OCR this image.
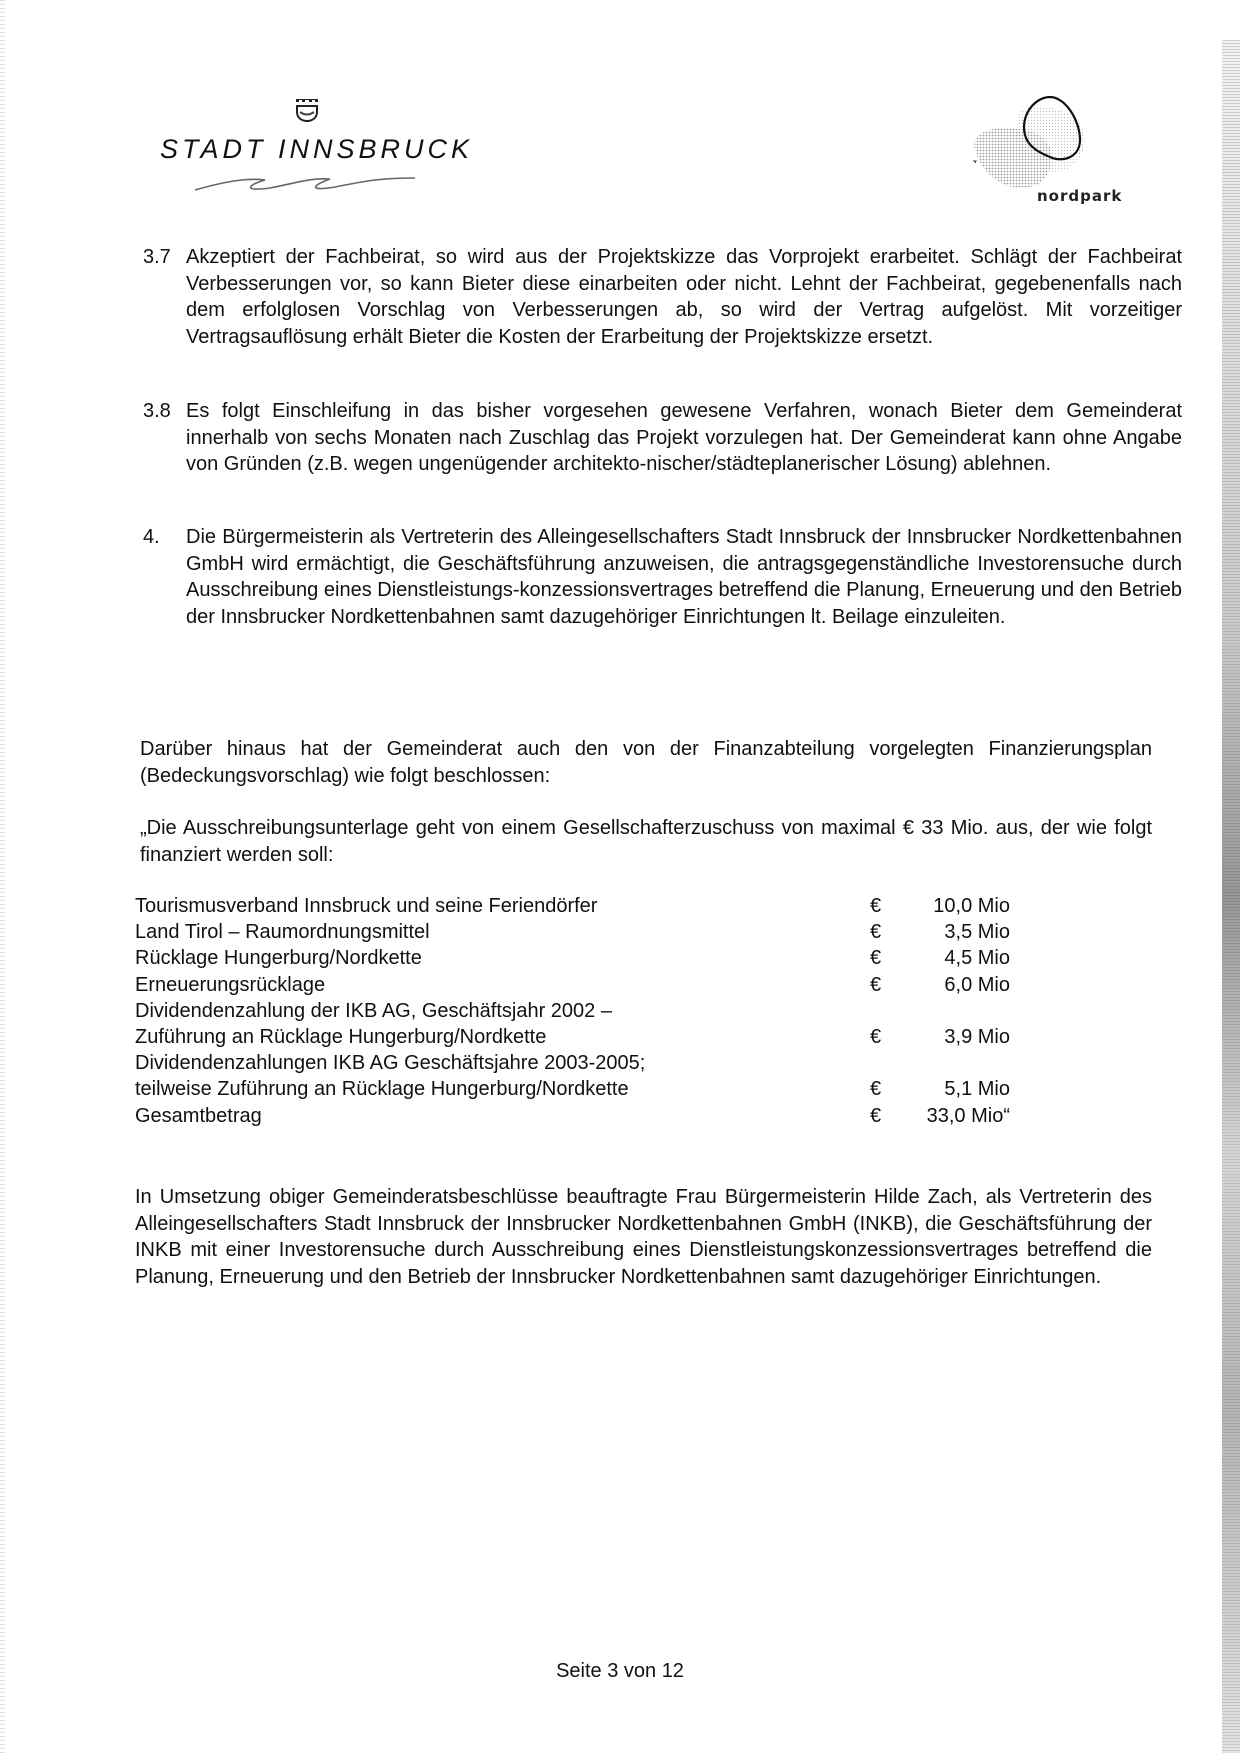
STADT INNSBRUCK
nordpark
3.7 Akzeptiert der Fachbeirat, so wird aus der Projektskizze das Vorprojekt erarbeitet. Schlägt der Fachbeirat Verbesserungen vor, so kann Bieter diese einarbeiten oder nicht. Lehnt der Fachbeirat, gegebenenfalls nach dem erfolglosen Vorschlag von Verbesserungen ab, so wird der Vertrag aufgelöst. Mit vorzeitiger Vertragsauflösung erhält Bieter die Kosten der Erarbeitung der Projektskizze ersetzt.

3.8 Es folgt Einschleifung in das bisher vorgesehen gewesene Verfahren, wonach Bieter dem Gemeinderat innerhalb von sechs Monaten nach Zuschlag das Projekt vorzulegen hat. Der Gemeinderat kann ohne Angabe von Gründen (z.B. wegen ungenügender architekto-nischer/städteplanerischer Lösung) ablehnen.

4. Die Bürgermeisterin als Vertreterin des Alleingesellschafters Stadt Innsbruck der Innsbrucker Nordkettenbahnen GmbH wird ermächtigt, die Geschäftsführung anzuweisen, die antragsgegenständliche Investorensuche durch Ausschreibung eines Dienstleistungs-konzessionsvertrages betreffend die Planung, Erneuerung und den Betrieb der Innsbrucker Nordkettenbahnen samt dazugehöriger Einrichtungen lt. Beilage einzuleiten.

Darüber hinaus hat der Gemeinderat auch den von der Finanzabteilung vorgelegten Finanzierungsplan (Bedeckungsvorschlag) wie folgt beschlossen:

„Die Ausschreibungsunterlage geht von einem Gesellschafterzuschuss von maximal € 33 Mio. aus, der wie folgt finanziert werden soll:

Tourismusverband Innsbruck und seine Feriendörfer	€	10,0 Mio
Land Tirol – Raumordnungsmittel	€	3,5 Mio
Rücklage Hungerburg/Nordkette	€	4,5 Mio
Erneuerungsrücklage	€	6,0 Mio
Dividendenzahlung der IKB AG, Geschäftsjahr 2002 –
Zuführung an Rücklage Hungerburg/Nordkette	€	3,9 Mio
Dividendenzahlungen IKB AG Geschäftsjahre 2003-2005;
teilweise Zuführung an Rücklage Hungerburg/Nordkette	€	5,1 Mio
Gesamtbetrag	€	33,0 Mio“

In Umsetzung obiger Gemeinderatsbeschlüsse beauftragte Frau Bürgermeisterin Hilde Zach, als Vertreterin des Alleingesellschafters Stadt Innsbruck der Innsbrucker Nordkettenbahnen GmbH (INKB), die Geschäftsführung der INKB mit einer Investorensuche durch Ausschreibung eines Dienstleistungskonzessionsvertrages betreffend die Planung, Erneuerung und den Betrieb der Innsbrucker Nordkettenbahnen samt dazugehöriger Einrichtungen.

Seite 3 von 12
